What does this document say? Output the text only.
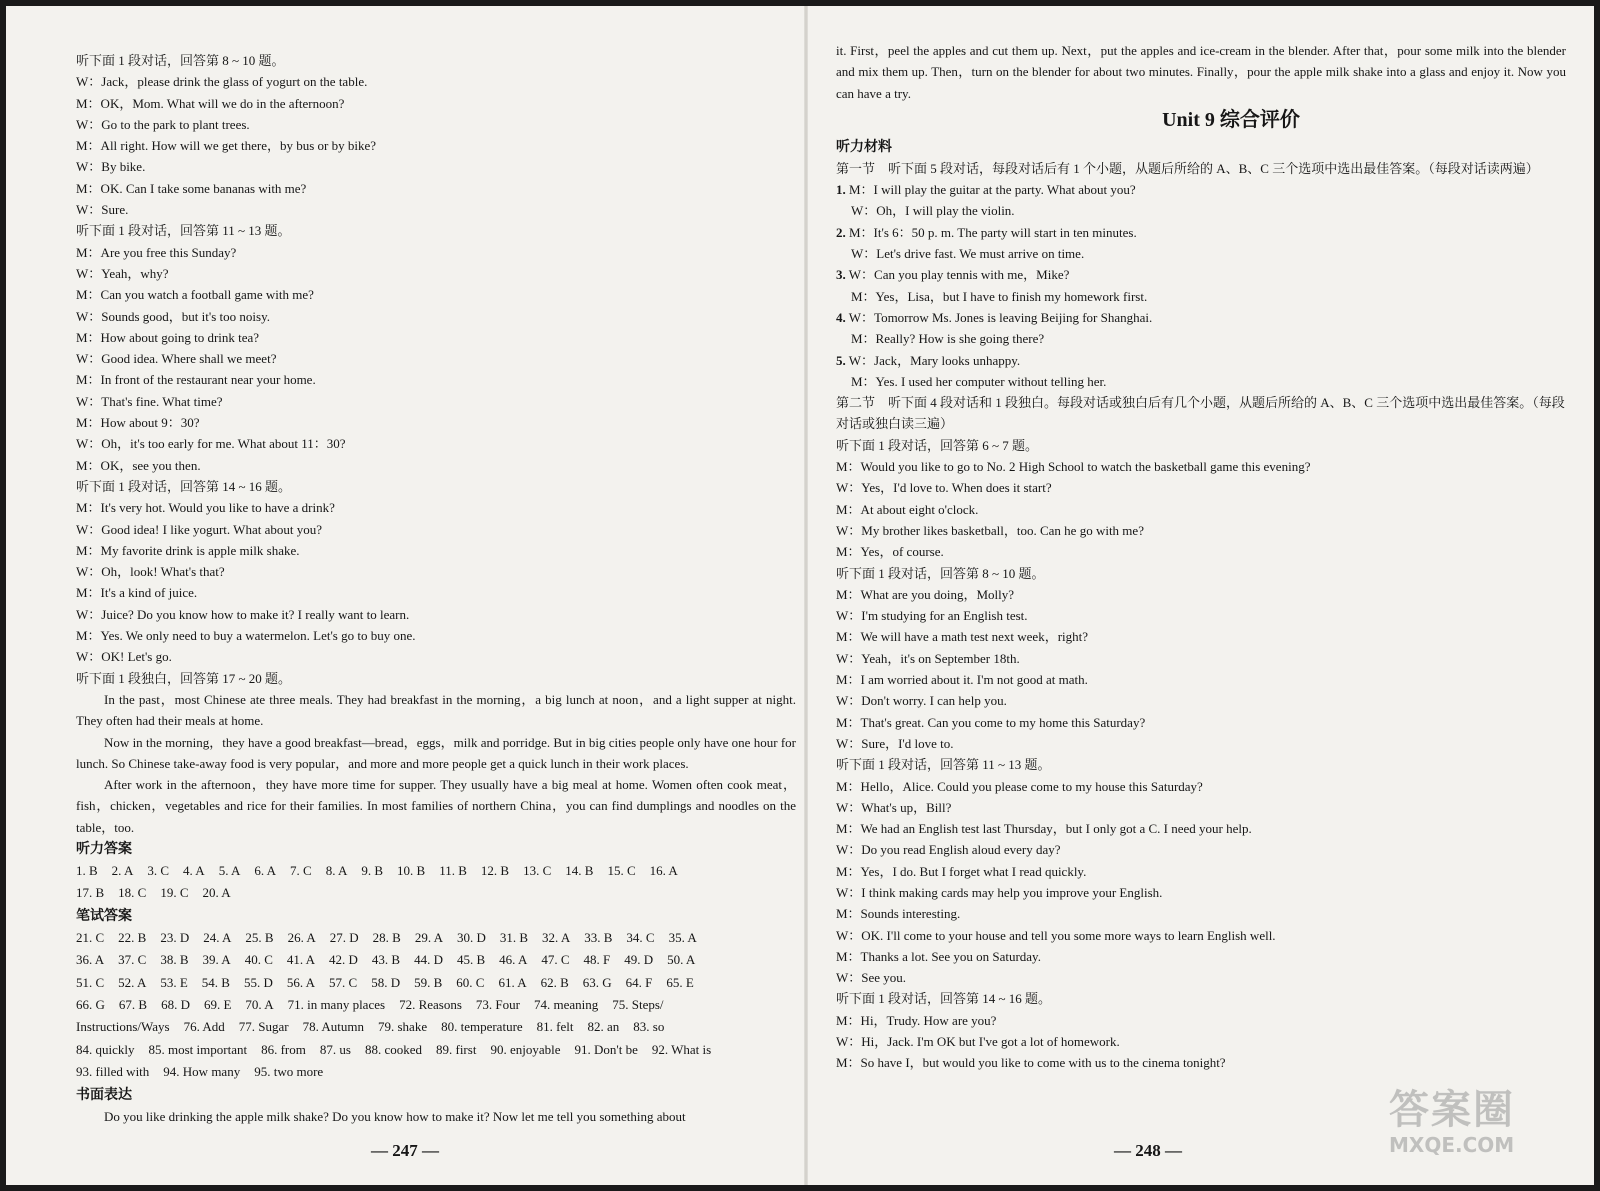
听下面 1 段对话，回答第 8 ~ 10 题。
W：Jack，please drink the glass of yogurt on the table.
M：OK，Mom. What will we do in the afternoon?
W：Go to the park to plant trees.
M：All right. How will we get there，by bus or by bike?
W：By bike.
M：OK. Can I take some bananas with me?
W：Sure.
听下面 1 段对话，回答第 11 ~ 13 题。
M：Are you free this Sunday?
W：Yeah，why?
M：Can you watch a football game with me?
W：Sounds good，but it's too noisy.
M：How about going to drink tea?
W：Good idea. Where shall we meet?
M：In front of the restaurant near your home.
W：That's fine. What time?
M：How about 9：30?
W：Oh，it's too early for me. What about 11：30?
M：OK，see you then.
听下面 1 段对话，回答第 14 ~ 16 题。
M：It's very hot. Would you like to have a drink?
W：Good idea! I like yogurt. What about you?
M：My favorite drink is apple milk shake.
W：Oh，look! What's that?
M：It's a kind of juice.
W：Juice? Do you know how to make it? I really want to learn.
M：Yes. We only need to buy a watermelon. Let's go to buy one.
W：OK! Let's go.
听下面 1 段独白，回答第 17 ~ 20 题。
In the past，most Chinese ate three meals. They had breakfast in the morning，a big lunch at noon，and a light supper at night. They often had their meals at home.
Now in the morning，they have a good breakfast—bread，eggs，milk and porridge. But in big cities people only have one hour for lunch. So Chinese take-away food is very popular，and more and more people get a quick lunch in their work places.
After work in the afternoon，they have more time for supper. They usually have a big meal at home. Women often cook meat，fish，chicken，vegetables and rice for their families. In most families of northern China，you can find dumplings and noodles on the table，too.
听力答案
1. B 2. A 3. C 4. A 5. A 6. A 7. C 8. A 9. B 10. B 11. B 12. B 13. C 14. B 15. C 16. A
17. B 18. C 19. C 20. A
笔试答案
21. C 22. B 23. D 24. A 25. B 26. A 27. D 28. B 29. A 30. D 31. B 32. A 33. B 34. C 35. A
36. A 37. C 38. B 39. A 40. C 41. A 42. D 43. B 44. D 45. B 46. A 47. C 48. F 49. D 50. A
51. C 52. A 53. E 54. B 55. D 56. A 57. C 58. D 59. B 60. C 61. A 62. B 63. G 64. F 65. E
66. G 67. B 68. D 69. E 70. A 71. in many places 72. Reasons 73. Four 74. meaning 75. Steps/
Instructions/Ways 76. Add 77. Sugar 78. Autumn 79. shake 80. temperature 81. felt 82. an 83. so
84. quickly 85. most important 86. from 87. us 88. cooked 89. first 90. enjoyable 91. Don't be 92. What is
93. filled with 94. How many 95. two more
书面表达
Do you like drinking the apple milk shake? Do you know how to make it? Now let me tell you something about
— 247 —
it. First，peel the apples and cut them up. Next，put the apples and ice-cream in the blender. After that，pour some milk into the blender and mix them up. Then，turn on the blender for about two minutes. Finally，pour the apple milk shake into a glass and enjoy it. Now you can have a try.
Unit 9 综合评价
听力材料
第一节　听下面 5 段对话，每段对话后有 1 个小题，从题后所给的 A、B、C 三个选项中选出最佳答案。（每段对话读两遍）
1. M：I will play the guitar at the party. What about you?
W：Oh，I will play the violin.
2. M：It's 6：50 p. m. The party will start in ten minutes.
W：Let's drive fast. We must arrive on time.
3. W：Can you play tennis with me，Mike?
M：Yes，Lisa，but I have to finish my homework first.
4. W：Tomorrow Ms. Jones is leaving Beijing for Shanghai.
M：Really? How is she going there?
5. W：Jack，Mary looks unhappy.
M：Yes. I used her computer without telling her.
第二节　听下面 4 段对话和 1 段独白。每段对话或独白后有几个小题，从题后所给的 A、B、C 三个选项中选出最佳答案。（每段对话或独白读三遍）
听下面 1 段对话，回答第 6 ~ 7 题。
M：Would you like to go to No. 2 High School to watch the basketball game this evening?
W：Yes，I'd love to. When does it start?
M：At about eight o'clock.
W：My brother likes basketball，too. Can he go with me?
M：Yes，of course.
听下面 1 段对话，回答第 8 ~ 10 题。
M：What are you doing，Molly?
W：I'm studying for an English test.
M：We will have a math test next week，right?
W：Yeah，it's on September 18th.
M：I am worried about it. I'm not good at math.
W：Don't worry. I can help you.
M：That's great. Can you come to my home this Saturday?
W：Sure，I'd love to.
听下面 1 段对话，回答第 11 ~ 13 题。
M：Hello，Alice. Could you please come to my house this Saturday?
W：What's up，Bill?
M：We had an English test last Thursday，but I only got a C. I need your help.
W：Do you read English aloud every day?
M：Yes，I do. But I forget what I read quickly.
W：I think making cards may help you improve your English.
M：Sounds interesting.
W：OK. I'll come to your house and tell you some more ways to learn English well.
M：Thanks a lot. See you on Saturday.
W：See you.
听下面 1 段对话，回答第 14 ~ 16 题。
M：Hi，Trudy. How are you?
W：Hi，Jack. I'm OK but I've got a lot of homework.
M：So have I，but would you like to come with us to the cinema tonight?
— 248 —
答案圈
MXQE.COM
